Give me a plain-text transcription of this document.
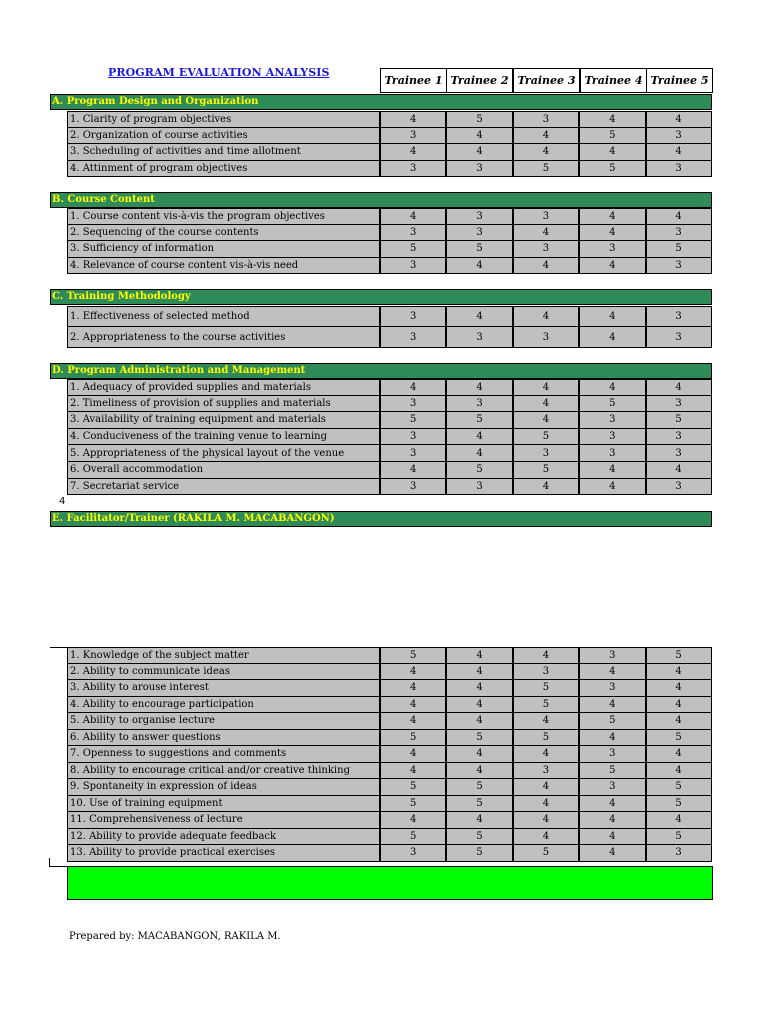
PROGRAM EVALUATION ANALYSIS
Trainee 1 Trainee 2 Trainee 3 Trainee 4 Trainee 5
A. Program Design and Organization
1. Clarity of program objectives	4	5	3	4	4
2. Organization of course activities	3	4	4	5	3
3. Scheduling of activities and time allotment	4	4	4	4	4
4. Attinment of program objectives	3	3	5	5	3
B. Course Content
1. Course content vis-à-vis the program objectives	4	3	3	4	4
2. Sequencing of the course contents	3	3	4	4	3
3. Sufficiency of information	5	5	3	3	5
4. Relevance of course content vis-à-vis need	3	4	4	4	3
C. Training Methodology
1. Effectiveness of selected method	3	4	4	4	3
2. Appropriateness to the course activities	3	3	3	4	3
D. Program Administration and Management
1. Adequacy of provided supplies and materials	4	4	4	4	4
2. Timeliness of provision of supplies and materials	3	3	4	5	3
3. Availability of training equipment and materials	5	5	4	3	5
4. Conduciveness of the training venue to learning	3	4	5	3	3
5. Appropriateness of the physical layout of the venue	3	4	3	3	3
6. Overall accommodation	4	5	5	4	4
7. Secretariat service	3	3	4	4	3
E. Facilitator/Trainer (RAKILA M. MACABANGON)
1. Knowledge of the subject matter	5	4	4	3	5
2. Ability to communicate ideas	4	4	3	4	4
3. Ability to arouse interest	4	4	5	3	4
4. Ability to encourage participation	4	4	5	4	4
5. Ability to organise lecture	4	4	4	5	4
6. Ability to answer questions	5	5	5	4	5
7. Openness to suggestions and comments	4	4	4	3	4
8. Ability to encourage critical and/or creative thinking	4	4	3	5	4
9. Spontaneity in expression of ideas	5	5	4	3	5
10. Use of training equipment	5	5	4	4	5
11. Comprehensiveness of lecture	4	4	4	4	4
12. Ability to provide adequate feedback	5	5	4	4	5
13. Ability to provide practical exercises	3	5	5	4	3
4
Prepared by: MACABANGON, RAKILA M.
